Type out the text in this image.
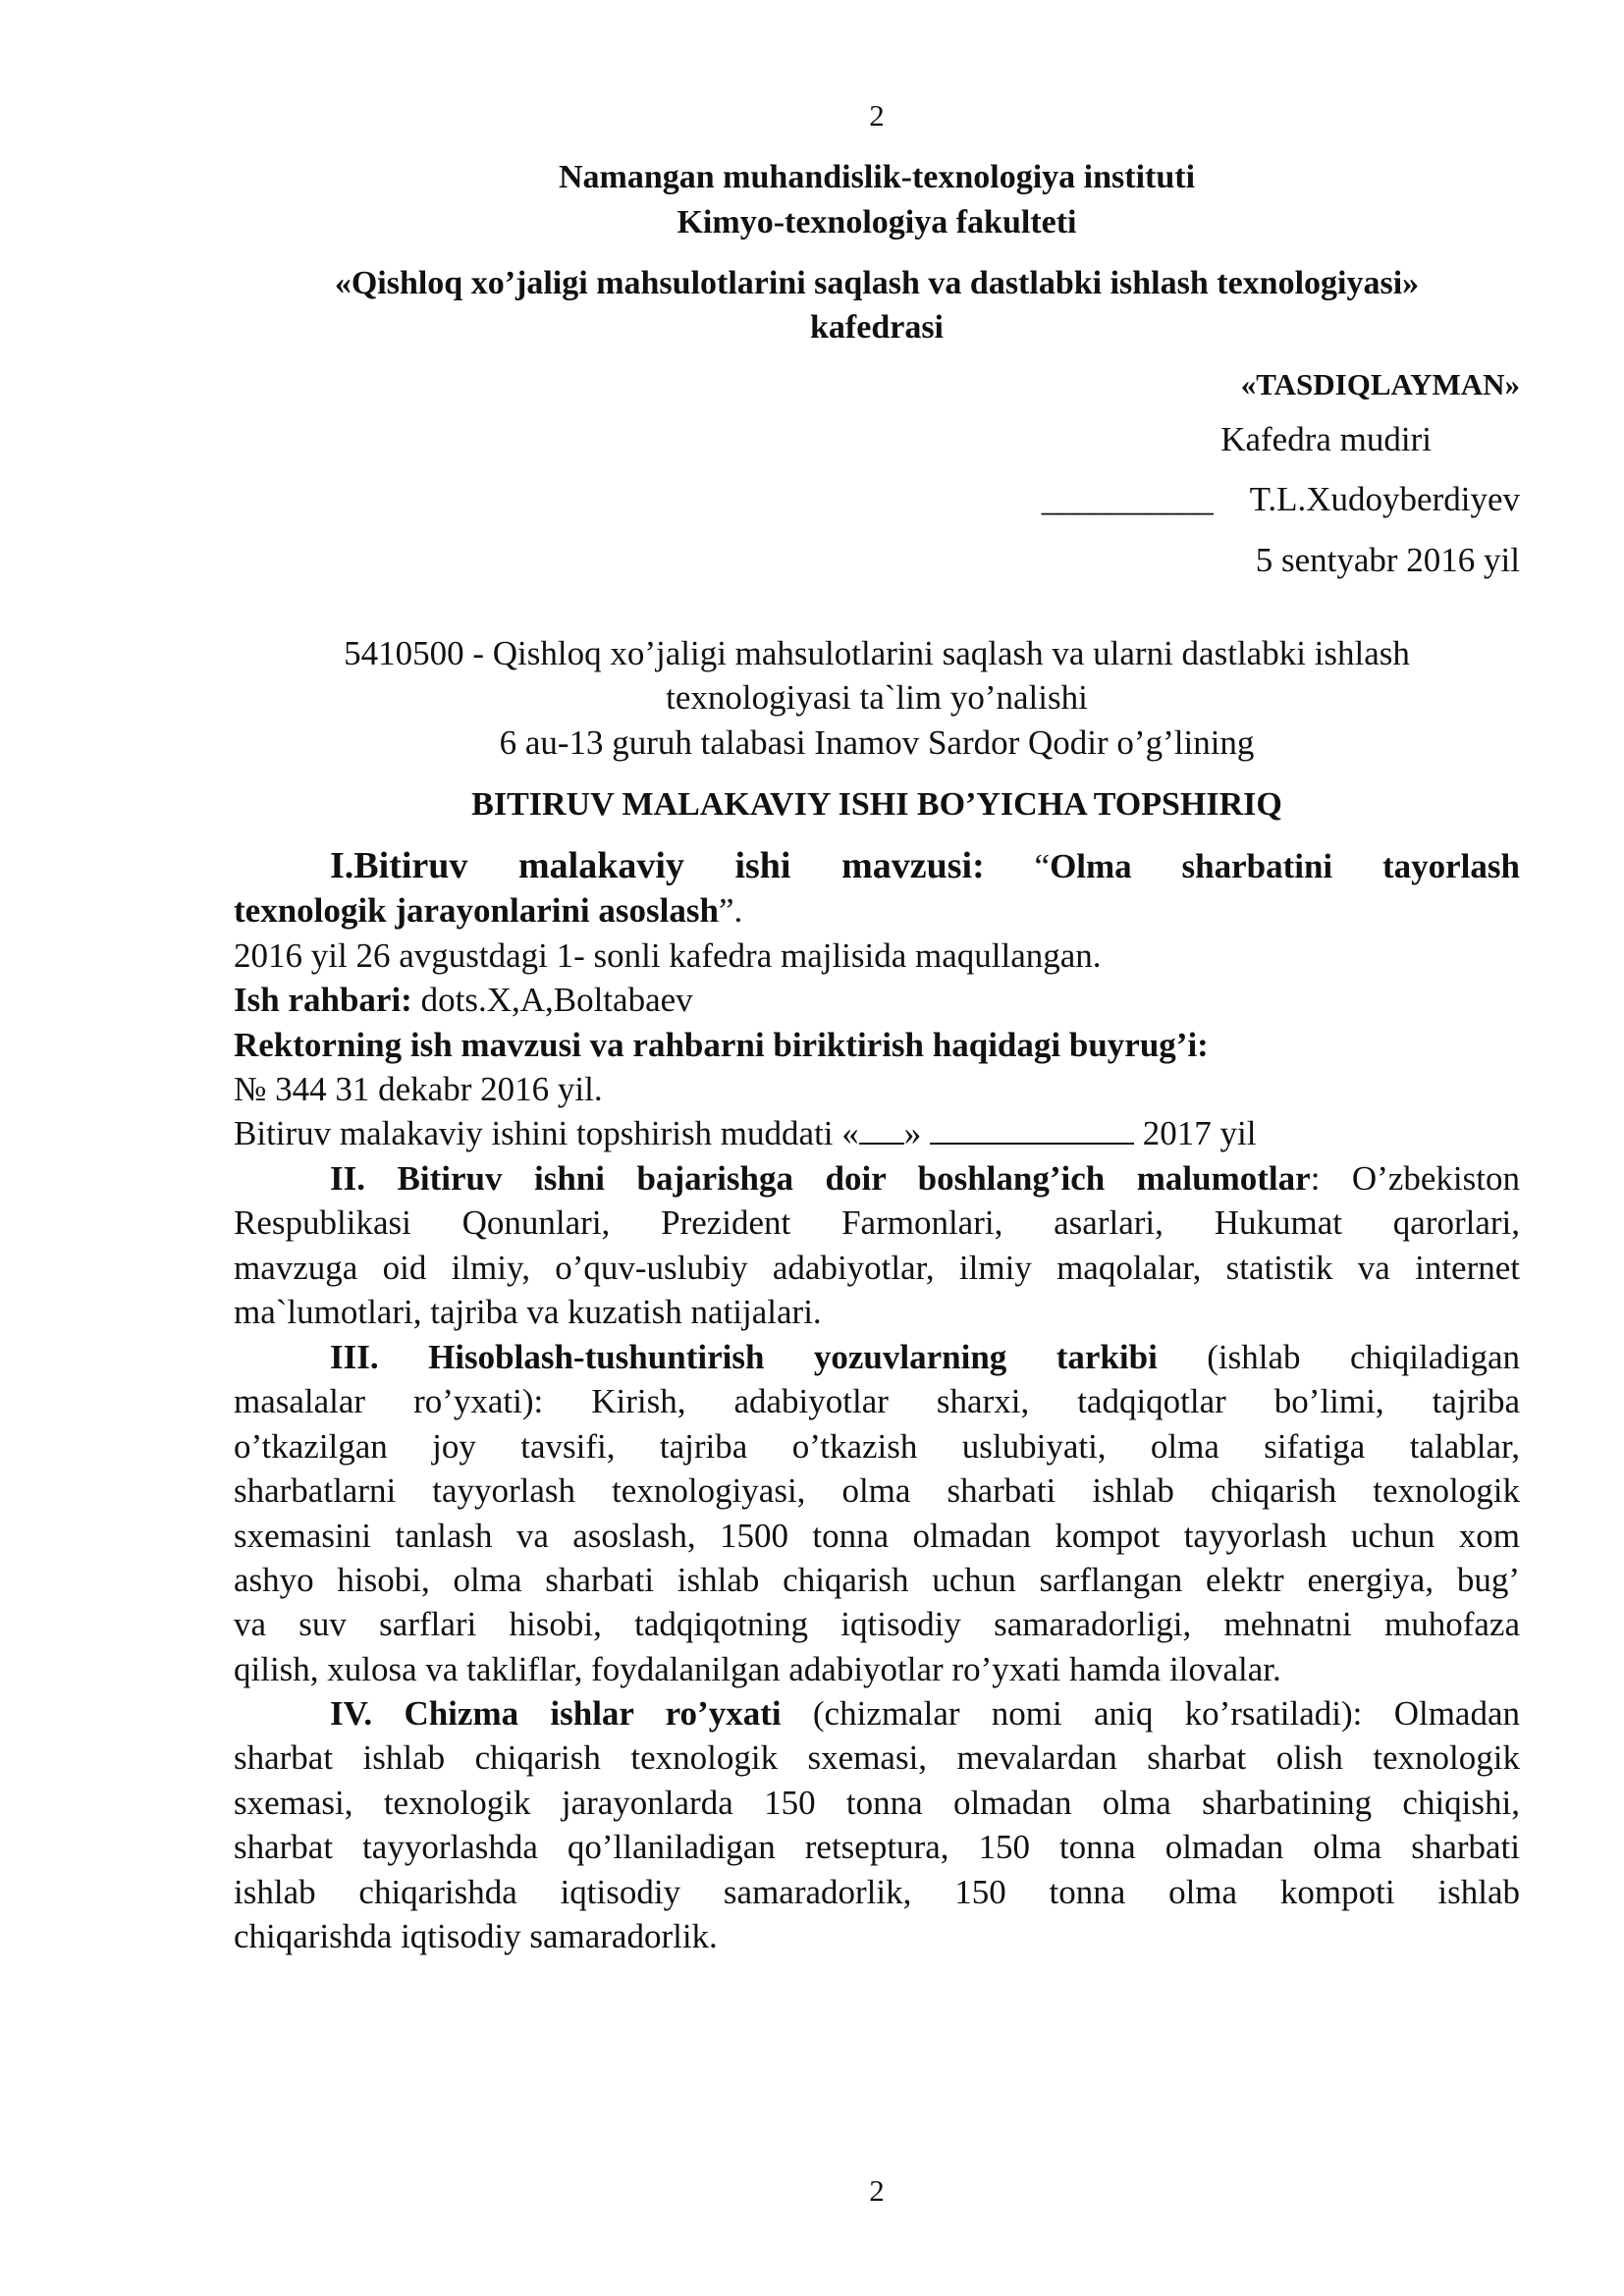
2
Namangan muhandislik-texnologiya instituti
Kimyo-texnologiya fakulteti
«Qishloq xo’jaligi mahsulotlarini saqlash va dastlabki ishlash texnologiyasi»
kafedrasi
«TASDIQLAYMAN»
Kafedra mudiri
__________ T.L.Xudoyberdiyev
5 sentyabr 2016 yil
5410500 - Qishloq xo’jaligi mahsulotlarini saqlash va ularni dastlabki ishlash
texnologiyasi ta`lim yo’nalishi
6 au-13 guruh talabasi Inamov Sardor Qodir o’g’lining
BITIRUV MALAKAVIY ISHI BO’YICHA TOPSHIRIQ

I.Bitiruv malakaviy ishi mavzusi: “Olma sharbatini tayorlash

texnologik jarayonlarini asoslash”.

2016 yil 26 avgustdagi 1- sonli kafedra majlisida maqullangan.

Ish rahbari: dots.X,A,Boltabaev

Rektorning ish mavzusi va rahbarni biriktirish haqidagi buyrug’i:

№ 344 31 dekabr 2016 yil.

Bitiruv malakaviy ishini topshirish muddati « »	2017 yil

II. Bitiruv ishni bajarishga doir boshlang’ich malumotlar: O’zbekiston

Respublikasi Qonunlari, Prezident Farmonlari, asarlari, Hukumat qarorlari,

mavzuga oid ilmiy, o’quv-uslubiy adabiyotlar, ilmiy maqolalar, statistik va internet

ma`lumotlari, tajriba va kuzatish natijalari.

III. Hisoblash-tushuntirish yozuvlarning tarkibi (ishlab chiqiladigan

masalalar ro’yxati): Kirish, adabiyotlar sharxi, tadqiqotlar bo’limi, tajriba

o’tkazilgan joy tavsifi, tajriba o’tkazish uslubiyati, olma sifatiga talablar,

sharbatlarni tayyorlash texnologiyasi, olma sharbati ishlab chiqarish texnologik

sxemasini tanlash va asoslash, 1500 tonna olmadan kompot tayyorlash uchun xom

ashyo hisobi, olma sharbati ishlab chiqarish uchun sarflangan elektr energiya, bug’

va suv sarflari hisobi, tadqiqotning iqtisodiy samaradorligi, mehnatni muhofaza

qilish, xulosa va takliflar, foydalanilgan adabiyotlar ro’yxati hamda ilovalar.

IV. Chizma ishlar ro’yxati (chizmalar nomi aniq ko’rsatiladi): Olmadan

sharbat ishlab chiqarish texnologik sxemasi, mevalardan sharbat olish texnologik

sxemasi, texnologik jarayonlarda 150 tonna olmadan olma sharbatining chiqishi,

sharbat tayyorlashda qo’llaniladigan retseptura, 150 tonna olmadan olma sharbati

ishlab chiqarishda iqtisodiy samaradorlik, 150 tonna olma kompoti ishlab

chiqarishda iqtisodiy samaradorlik.

2
